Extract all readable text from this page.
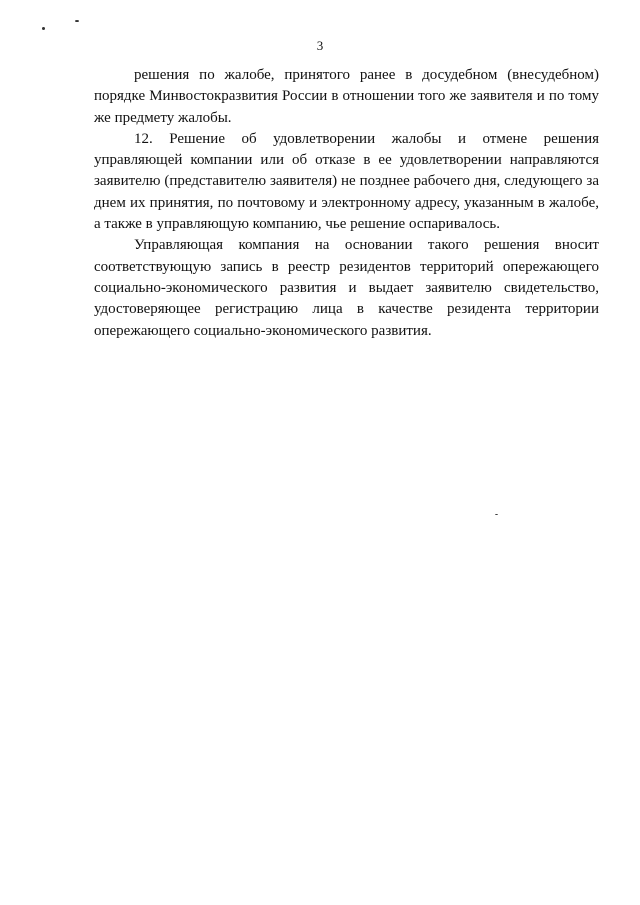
3

решения по жалобе, принятого ранее в досудебном (внесудебном) порядке Минвостокразвития России в отношении того же заявителя и по тому же предмету жалобы.

12. Решение об удовлетворении жалобы и отмене решения управляющей компании или об отказе в ее удовлетворении направляются заявителю (представителю заявителя) не позднее рабочего дня, следующего за днем их принятия, по почтовому и электронному адресу, указанным в жалобе, а также в управляющую компанию, чье решение оспаривалось.

Управляющая компания на основании такого решения вносит соответствующую запись в реестр резидентов территорий опережающего социально-экономического развития и выдает заявителю свидетельство, удостоверяющее регистрацию лица в качестве резидента территории опережающего социально-экономического развития.
